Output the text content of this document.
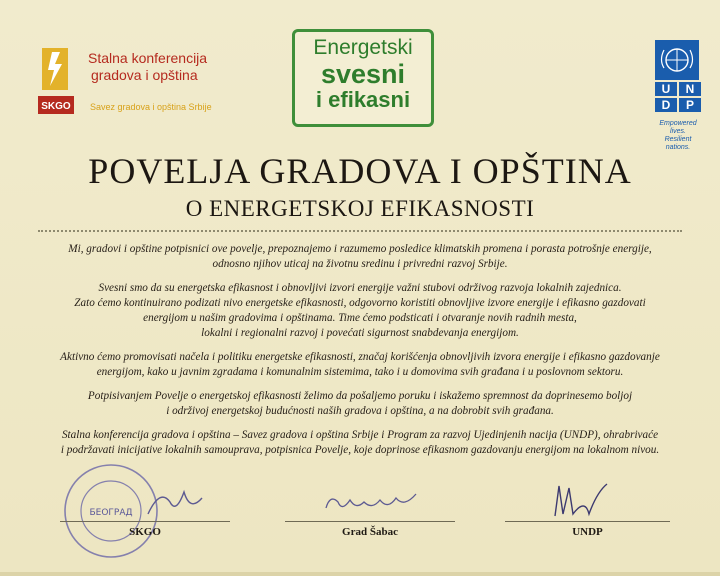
SKGO
Stalna konferencija
gradova i opština
Savez gradova i opština Srbije
Energetski
svesni
i efikasni	U	N
D	P
Empowered lives.
Resilient nations.
POVELJA GRADOVA I OPŠTINA
O ENERGETSKOJ EFIKASNOSTI

Mi, gradovi i opštine potpisnici ove povelje, prepoznajemo i razumemo posledice klimatskih promena i porasta potrošnje energije,
odnosno njihov uticaj na životnu sredinu i privredni razvoj Srbije.

Svesni smo da su energetska efikasnost i obnovljivi izvori energije važni stubovi održivog razvoja lokalnih zajednica.
Zato ćemo kontinuirano podizati nivo energetske efikasnosti, odgovorno koristiti obnovljive izvore energije i efikasno gazdovati
energijom u našim gradovima i opštinama. Time ćemo podsticati i otvaranje novih radnih mesta,
lokalni i regionalni razvoj i povećati sigurnost snabdevanja energijom.

Aktivno ćemo promovisati načela i politiku energetske efikasnosti, značaj korišćenja obnovljivih izvora energije i efikasno gazdovanje
energijom, kako u javnim zgradama i komunalnim sistemima, tako i u domovima svih građana i u poslovnom sektoru.

Potpisivanjem Povelje o energetskoj efikasnosti želimo da pošaljemo poruku i iskažemo spremnost da doprinesemo boljoj
i održivoj energetskoj budućnosti naših gradova i opština, a na dobrobit svih građana.

Stalna konferencija gradova i opština – Savez gradova i opština Srbije i Program za razvoj Ujedinjenih nacija (UNDP), ohrabrivaće
i podržavati inicijative lokalnih samouprava, potpisnica Povelje, koje doprinose efikasnom gazdovanju energijom na lokalnom nivou.

БЕОГРАД
SKGO	Grad Šabac	UNDP
